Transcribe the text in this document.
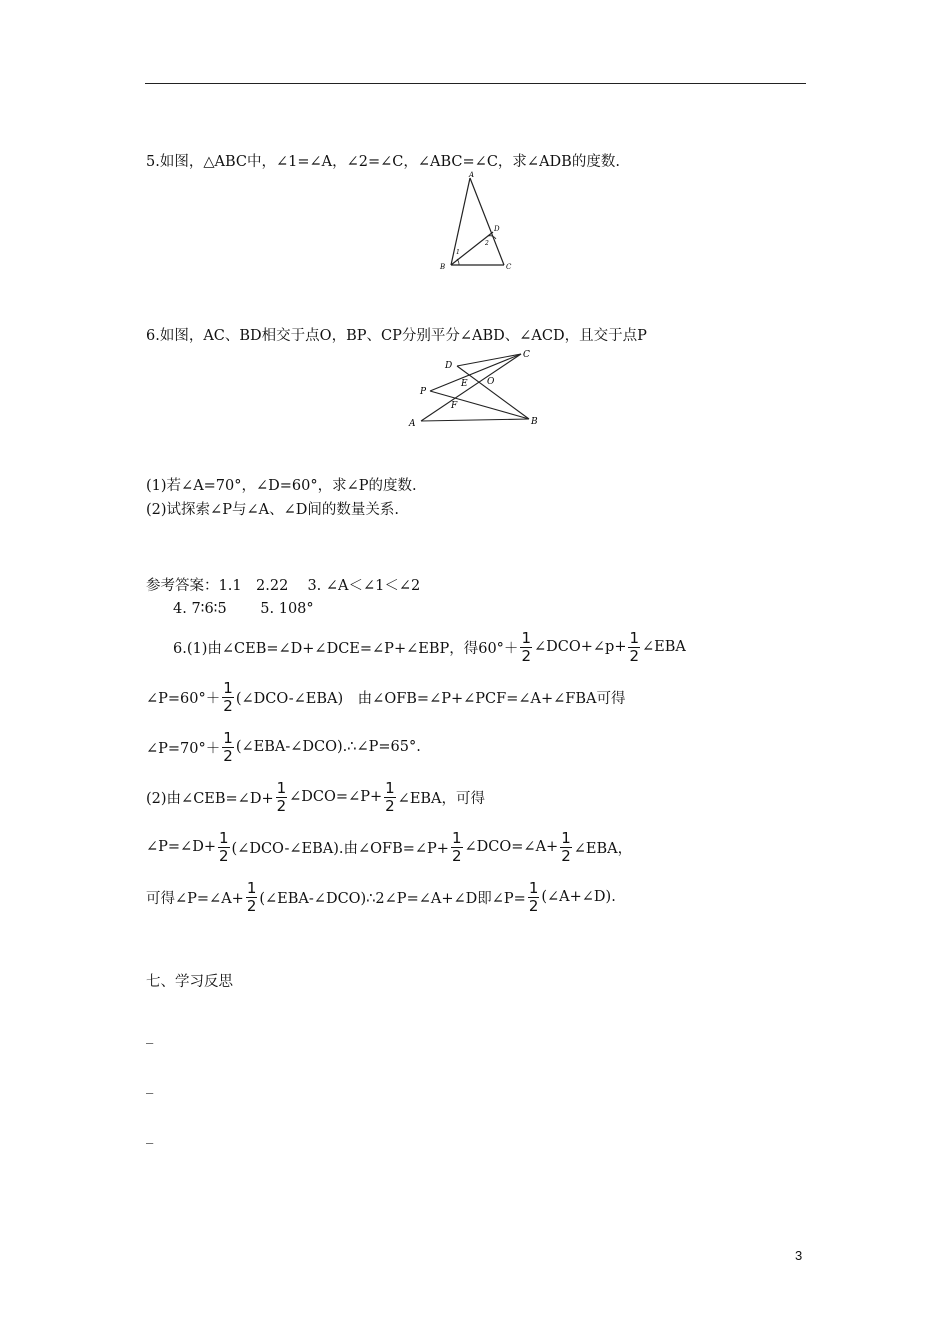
5.如图，△ABC中，∠1=∠A，∠2=∠C，∠ABC=∠C，求∠ADB的度数.
A
B	C
D
1
2
6.如图，AC、BD相交于点O，BP、CP分别平分∠ABD、∠ACD，且交于点P
D
C
P
E O
F
A	B
(1)若∠A=70°，∠D=60°，求∠P的度数.
(2)试探索∠P与∠A、∠D间的数量关系.
参考答案：1.1　2.22　 3. ∠A＜∠1＜∠2
4. 7∶6∶5　　 5. 108°
6.(1)由∠CEB=∠D+∠DCE=∠P+∠EBP，得$60^\circ+ \frac{1}{2}$ ∠DCO+∠p+ $\frac{1}{2}$ ∠EBA
∠P=60°＋ $\frac{1}{2}$ (∠DCO-∠EBA)　由∠OFB=∠P+∠PCF=∠A+∠FBA可得
∠P=70°＋ $\frac{1}{2}$ (∠EBA-∠DCO).∴∠P=65°.
(2)由∠CEB=∠D+ $\frac{1}{2}$ ∠DCO=∠P+ $\frac{1}{2}$ ∠EBA，可得
∠P=∠D+ $\frac{1}{2}$ (∠DCO-∠EBA).由∠OFB=∠P+ $\frac{1}{2}$ ∠DCO=∠A+ $\frac{1}{2}$ ∠EBA，
可得∠P=∠A+ $\frac{1}{2}$ (∠EBA-∠DCO)∴2∠P=∠A+∠D即∠P= $\frac{1}{2}$ (∠A+∠D).
七、学习反思
_
_
_
3
